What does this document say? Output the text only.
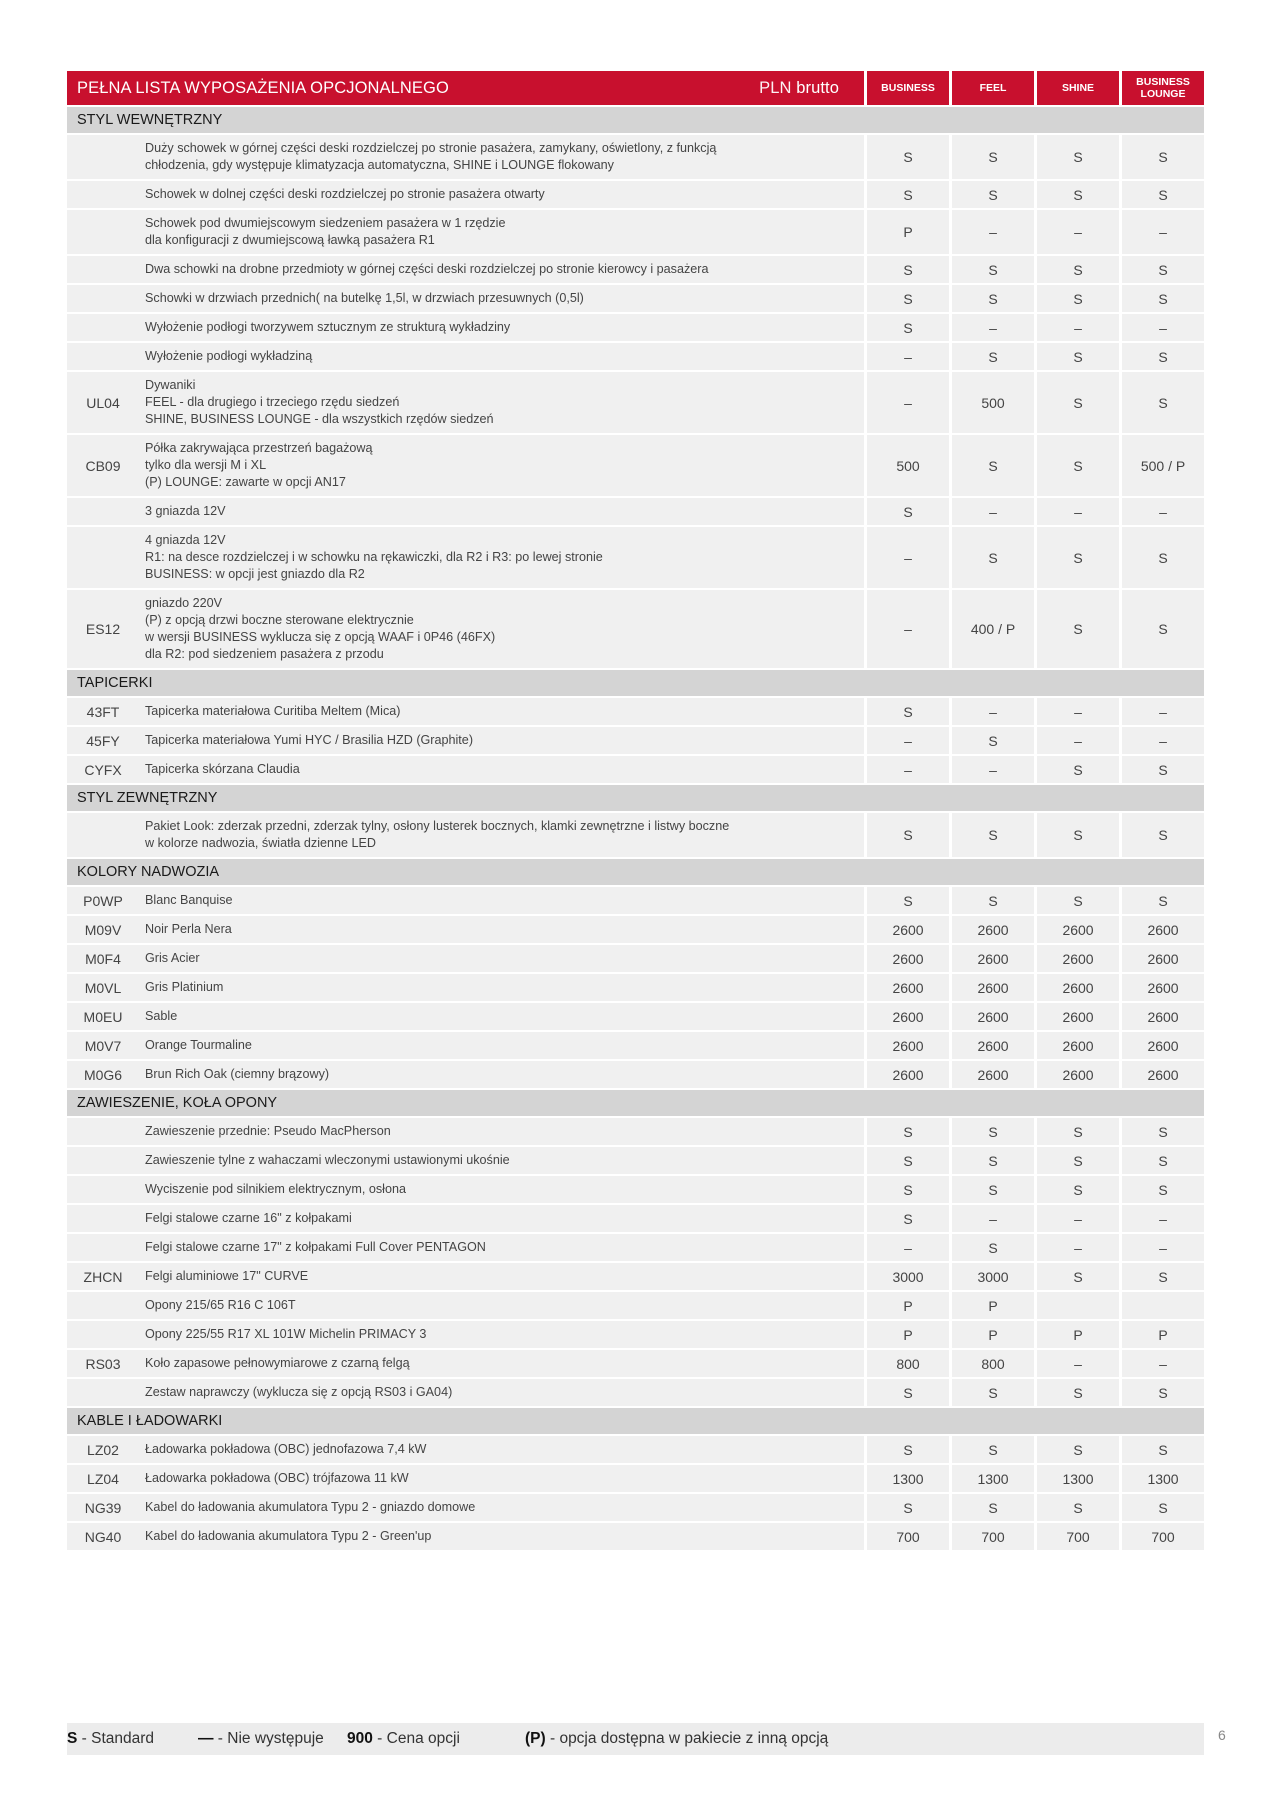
PEŁNA LISTA WYPOSAŻENIA OPCJONALNEGO PLN brutto		BUSINESS	FEEL	SHINE	BUSINESS LOUNGE
STYL WEWNĘTRZNY					
	Duży schowek w górnej części deski rozdzielczej po stronie pasażera, zamykany, oświetlony, z funkcją
chłodzenia, gdy występuje klimatyzacja automatyczna, SHINE i LOUNGE flokowany	S	S	S	S
	Schowek w dolnej części deski rozdzielczej po stronie pasażera otwarty	S	S	S	S
	Schowek pod dwumiejscowym siedzeniem pasażera w 1 rzędzie
dla konfiguracji z dwumiejscową ławką pasażera R1	P	–	–	–
	Dwa schowki na drobne przedmioty w górnej części deski rozdzielczej po stronie kierowcy i pasażera	S	S	S	S
	Schowki w drzwiach przednich( na butelkę 1,5l, w drzwiach przesuwnych (0,5l)	S	S	S	S
	Wyłożenie podłogi tworzywem sztucznym ze strukturą wykładziny	S	–	–	–
	Wyłożenie podłogi wykładziną	–	S	S	S
UL04	Dywaniki
FEEL - dla drugiego i trzeciego rzędu siedzeń
SHINE, BUSINESS LOUNGE - dla wszystkich rzędów siedzeń	–	500	S	S
CB09	Półka zakrywająca przestrzeń bagażową
tylko dla wersji M i XL
(P) LOUNGE: zawarte w opcji AN17	500	S	S	500 / P
	3 gniazda 12V	S	–	–	–
	4 gniazda 12V
R1: na desce rozdzielczej i w schowku na rękawiczki, dla R2 i R3: po lewej stronie
BUSINESS: w opcji jest gniazdo dla R2	–	S	S	S
ES12	gniazdo 220V
(P) z opcją drzwi boczne sterowane elektrycznie
w wersji BUSINESS wyklucza się z opcją WAAF i 0P46 (46FX)
dla R2: pod siedzeniem pasażera z przodu	–	400 / P	S	S
TAPICERKI					
43FT	Tapicerka materiałowa Curitiba Meltem (Mica)	S	–	–	–
45FY	Tapicerka materiałowa Yumi HYC / Brasilia HZD (Graphite)	–	S	–	–
CYFX	Tapicerka skórzana Claudia	–	–	S	S
STYL ZEWNĘTRZNY					
	Pakiet Look: zderzak przedni, zderzak tylny, osłony lusterek bocznych, klamki zewnętrzne i listwy boczne
w kolorze nadwozia, światła dzienne LED	S	S	S	S
KOLORY NADWOZIA					
P0WP	Blanc Banquise	S	S	S	S
M09V	Noir Perla Nera	2600	2600	2600	2600
M0F4	Gris Acier	2600	2600	2600	2600
M0VL	Gris Platinium	2600	2600	2600	2600
M0EU	Sable	2600	2600	2600	2600
M0V7	Orange Tourmaline	2600	2600	2600	2600
M0G6	Brun Rich Oak (ciemny brązowy)	2600	2600	2600	2600
ZAWIESZENIE, KOŁA OPONY					
	Zawieszenie przednie: Pseudo MacPherson	S	S	S	S
	Zawieszenie tylne z wahaczami wleczonymi ustawionymi ukośnie	S	S	S	S
	Wyciszenie pod silnikiem elektrycznym, osłona	S	S	S	S
	Felgi stalowe czarne 16" z kołpakami	S	–	–	–
	Felgi stalowe czarne 17" z kołpakami Full Cover PENTAGON	–	S	–	–
ZHCN	Felgi aluminiowe 17" CURVE	3000	3000	S	S
	Opony 215/65 R16 C 106T	P	P		
	Opony 225/55 R17 XL 101W Michelin PRIMACY 3	P	P	P	P
RS03	Koło zapasowe pełnowymiarowe z czarną felgą	800	800	–	–
	Zestaw naprawczy (wyklucza się z opcją RS03 i GA04)	S	S	S	S
KABLE I ŁADOWARKI					
LZ02	Ładowarka pokładowa (OBC) jednofazowa 7,4 kW	S	S	S	S
LZ04	Ładowarka pokładowa (OBC) trójfazowa 11 kW	1300	1300	1300	1300
NG39	Kabel do ładowania akumulatora Typu 2 - gniazdo domowe	S	S	S	S
NG40	Kabel do ładowania akumulatora Typu 2 - Green'up	700	700	700	700
S - Standard	— - Nie występuje 900 - Cena opcji	(P) - opcja dostępna w pakiecie z inną opcją	6
